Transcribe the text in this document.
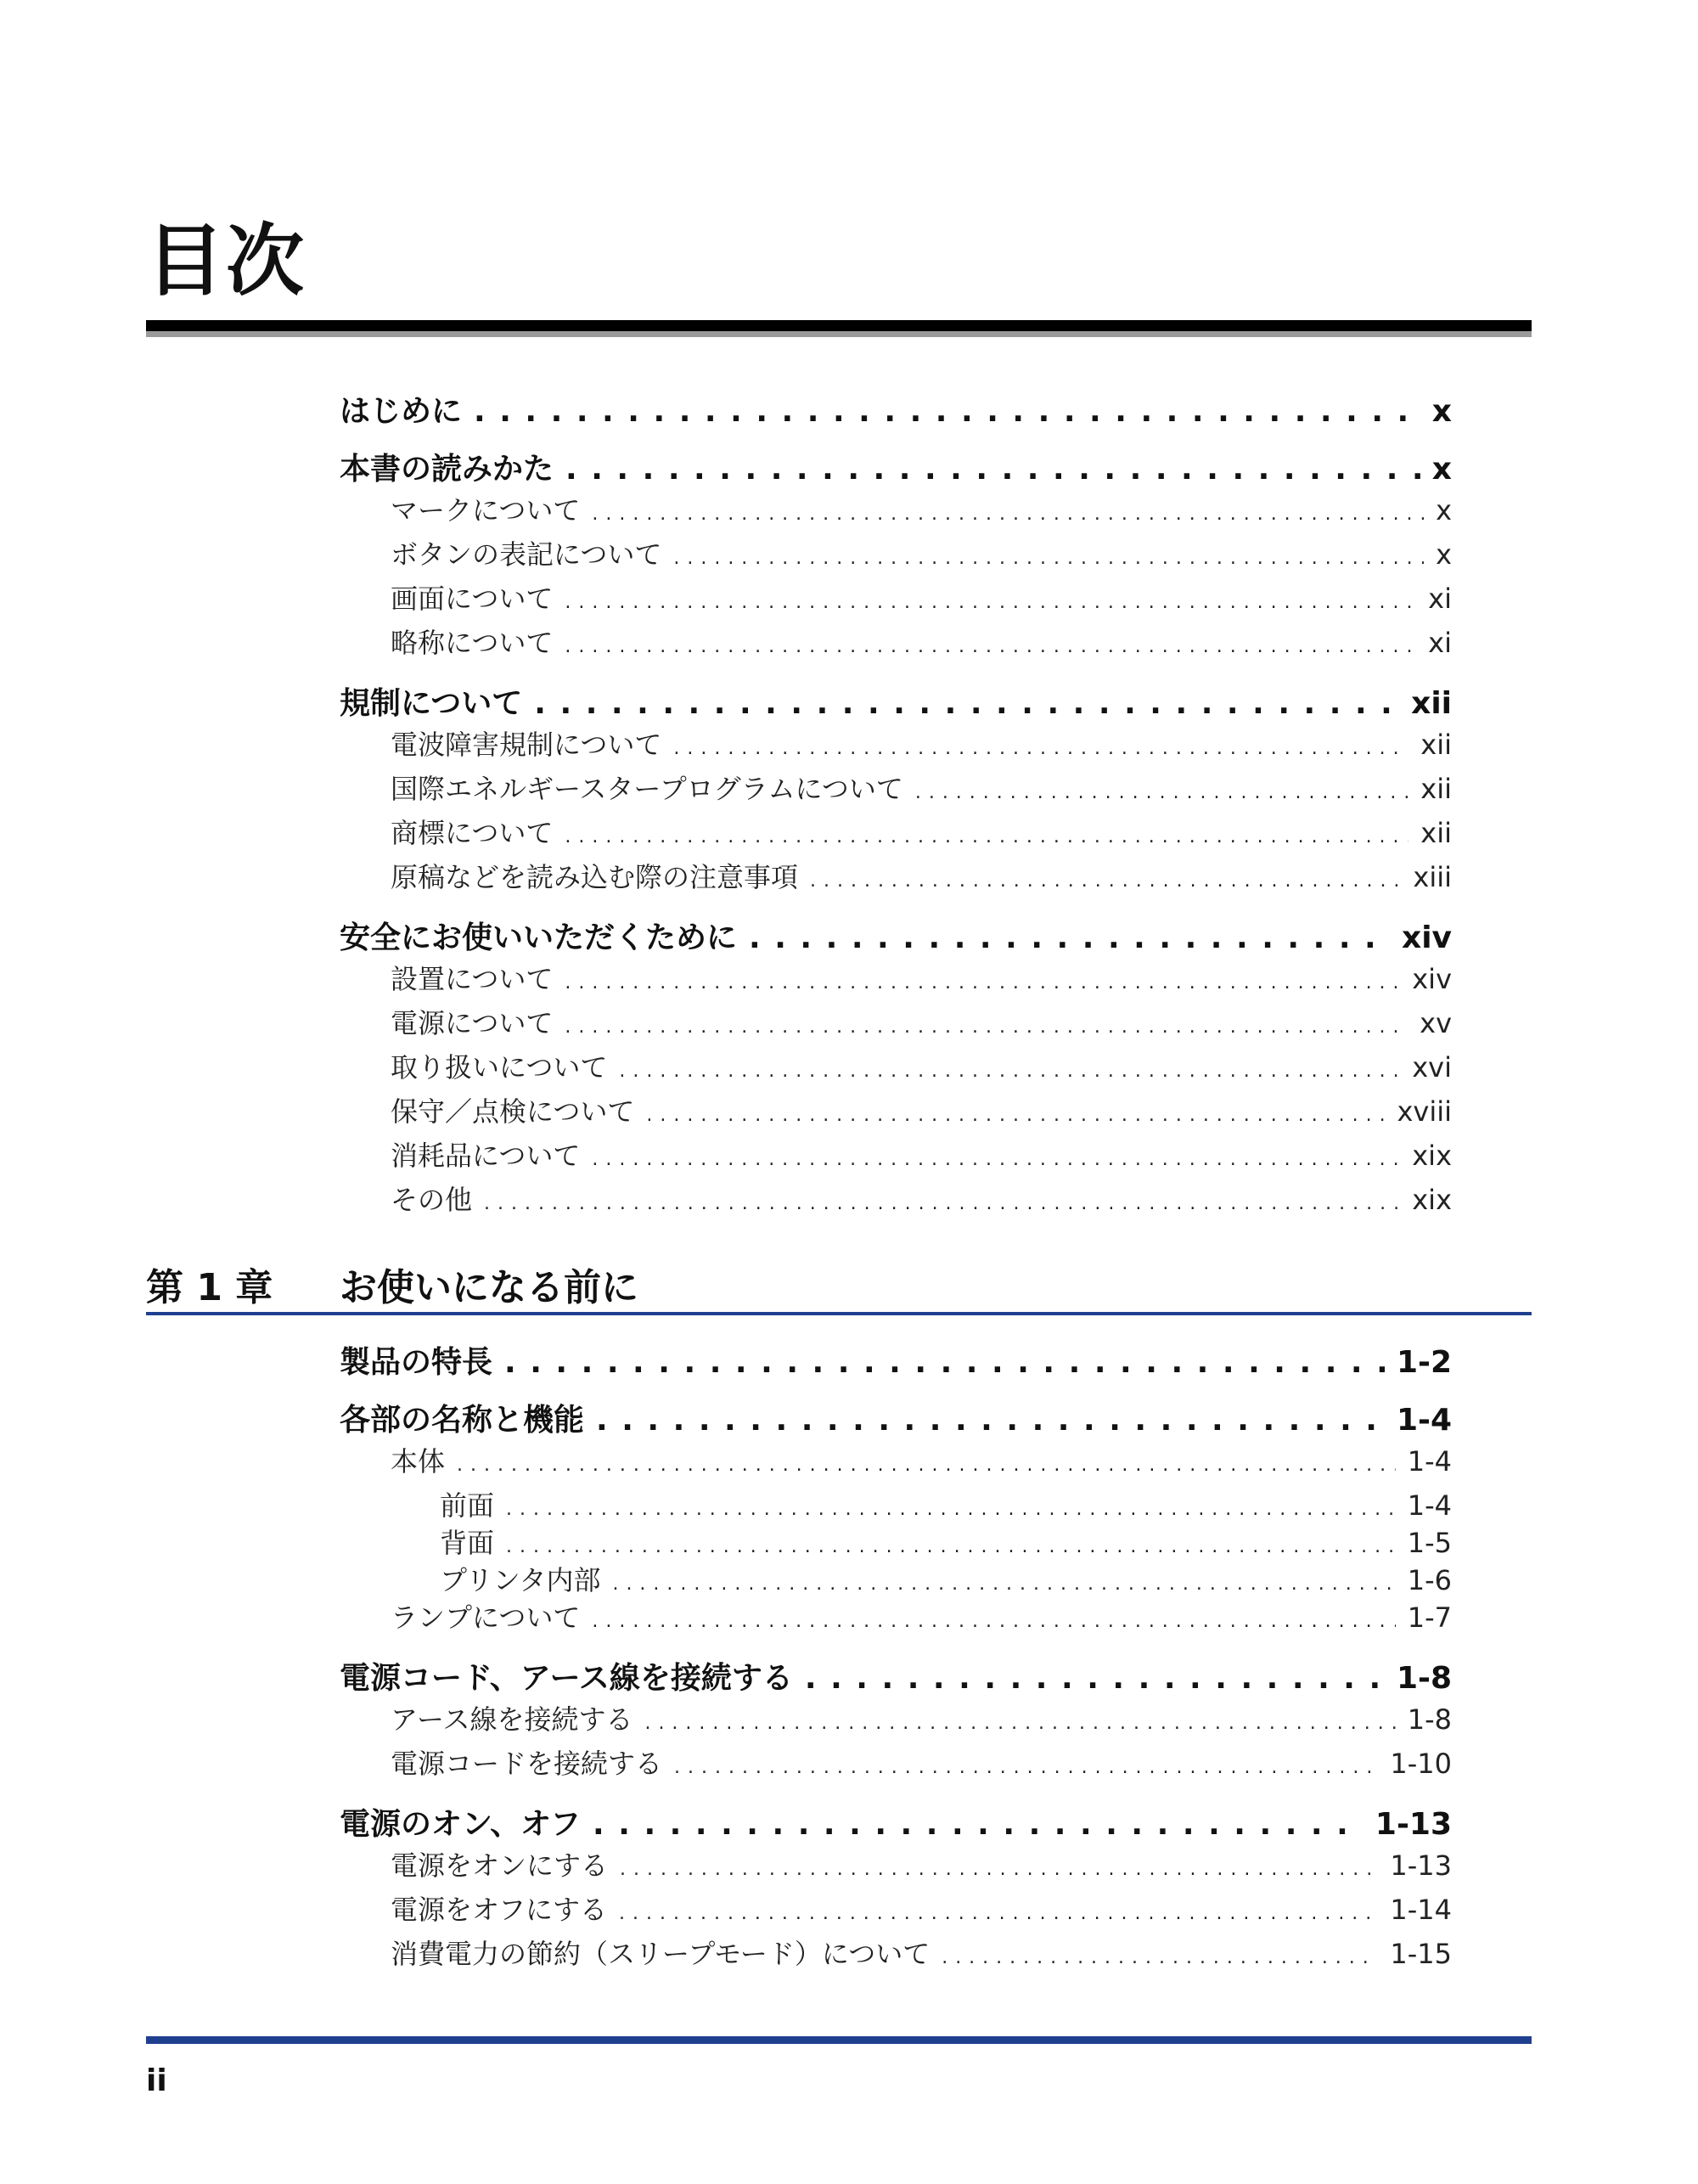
目次
はじめに . . .	x
本書の読みかた . . .	x
マークについて . . .	x
ボタンの表記について . . .	x
画面について . . .	xi
略称について . . .	xi
規制について . . .	xii
電波障害規制について . . .	xii
国際エネルギースタープログラムについて . . .	xii
商標について . . .	xii
原稿などを読み込む際の注意事項 . . .	xiii
安全にお使いいただくために . . .	xiv
設置について . . .	xiv
電源について . . .	xv
取り扱いについて . . .	xvi
保守／点検について . . .	xviii
消耗品について . . .	xix
その他 . . .	xix
第 1 章 お使いになる前に
製品の特長 . . .	1-2
各部の名称と機能 . . .	1-4
本体 . . .	1-4
前面 . . .	1-4
背面 . . .	1-5
プリンタ内部 . . .	1-6
ランプについて . . .	1-7
電源コード、アース線を接続する . . .	1-8
アース線を接続する . . .	1-8
電源コードを接続する . . .	1-10
電源のオン、オフ . . .	1-13
電源をオンにする . . .	1-13
電源をオフにする . . .	1-14
消費電力の節約（スリープモード）について . . .	1-15
ii
